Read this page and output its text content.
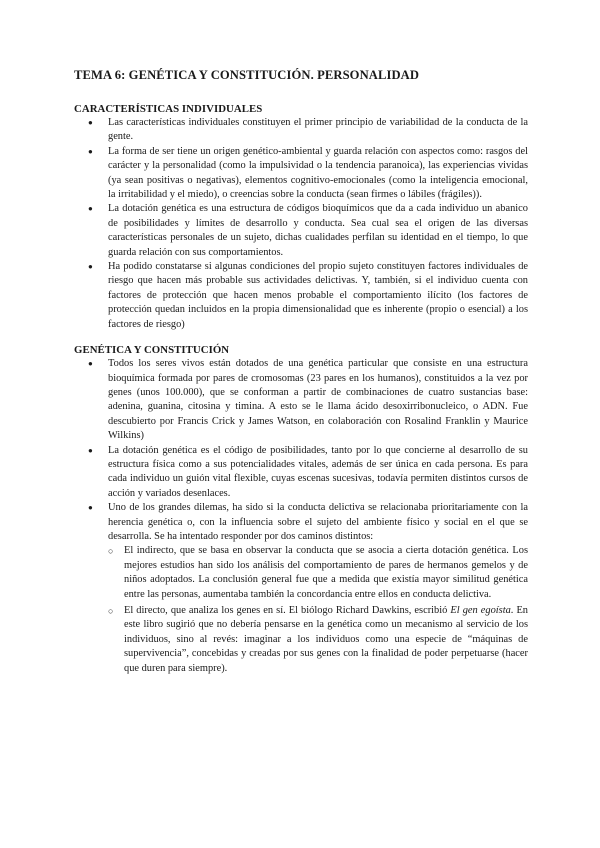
TEMA 6: GENÉTICA Y CONSTITUCIÓN. PERSONALIDAD
CARACTERÍSTICAS INDIVIDUALES
● Las características individuales constituyen el primer principio de variabilidad de la conducta de la gente.
● La forma de ser tiene un origen genético-ambiental y guarda relación con aspectos como: rasgos del carácter y la personalidad (como la impulsividad o la tendencia paranoica), las experiencias vividas (ya sean positivas o negativas), elementos cognitivo-emocionales (como la inteligencia emocional, la irritabilidad y el miedo), o creencias sobre la conducta (sean firmes o lábiles (frágiles)).
● La dotación genética es una estructura de códigos bioquímicos que da a cada individuo un abanico de posibilidades y límites de desarrollo y conducta. Sea cual sea el origen de las diversas características personales de un sujeto, dichas cualidades perfilan su identidad en el tiempo, lo que guarda relación con sus comportamientos.
● Ha podido constatarse si algunas condiciones del propio sujeto constituyen factores individuales de riesgo que hacen más probable sus actividades delictivas. Y, también, si el individuo cuenta con factores de protección que hacen menos probable el comportamiento ilícito (los factores de protección quedan incluidos en la propia dimensionalidad que es inherente (propio o esencial) a los factores de riesgo)
GENÉTICA Y CONSTITUCIÓN
● Todos los seres vivos están dotados de una genética particular que consiste en una estructura bioquímica formada por pares de cromosomas (23 pares en los humanos), constituidos a la vez por genes (unos 100.000), que se conforman a partir de combinaciones de cuatro sustancias base: adenina, guanina, citosina y timina. A esto se le llama ácido desoxirribonucleico, o ADN. Fue descubierto por Francis Crick y James Watson, en colaboración con Rosalind Franklin y Maurice Wilkins)
● La dotación genética es el código de posibilidades, tanto por lo que concierne al desarrollo de su estructura física como a sus potencialidades vitales, además de ser única en cada persona. Es para cada individuo un guión vital flexible, cuyas escenas sucesivas, todavía permiten distintos cursos de acción y variados desenlaces.
● Uno de los grandes dilemas, ha sido si la conducta delictiva se relacionaba prioritariamente con la herencia genética o, con la influencia sobre el sujeto del ambiente físico y social en el que se desarrolla. Se ha intentado responder por dos caminos distintos:
○ El indirecto, que se basa en observar la conducta que se asocia a cierta dotación genética. Los mejores estudios han sido los análisis del comportamiento de pares de hermanos gemelos y de niños adoptados. La conclusión general fue que a medida que existía mayor similitud genética entre las personas, aumentaba también la concordancia entre ellos en conducta delictiva.
○ El directo, que analiza los genes en sí. El biólogo Richard Dawkins, escribió El gen egoísta. En este libro sugirió que no debería pensarse en la genética como un mecanismo al servicio de los individuos, sino al revés: imaginar a los individuos como una especie de “máquinas de supervivencia”, concebidas y creadas por sus genes con la finalidad de poder perpetuarse (hacer que duren para siempre).
